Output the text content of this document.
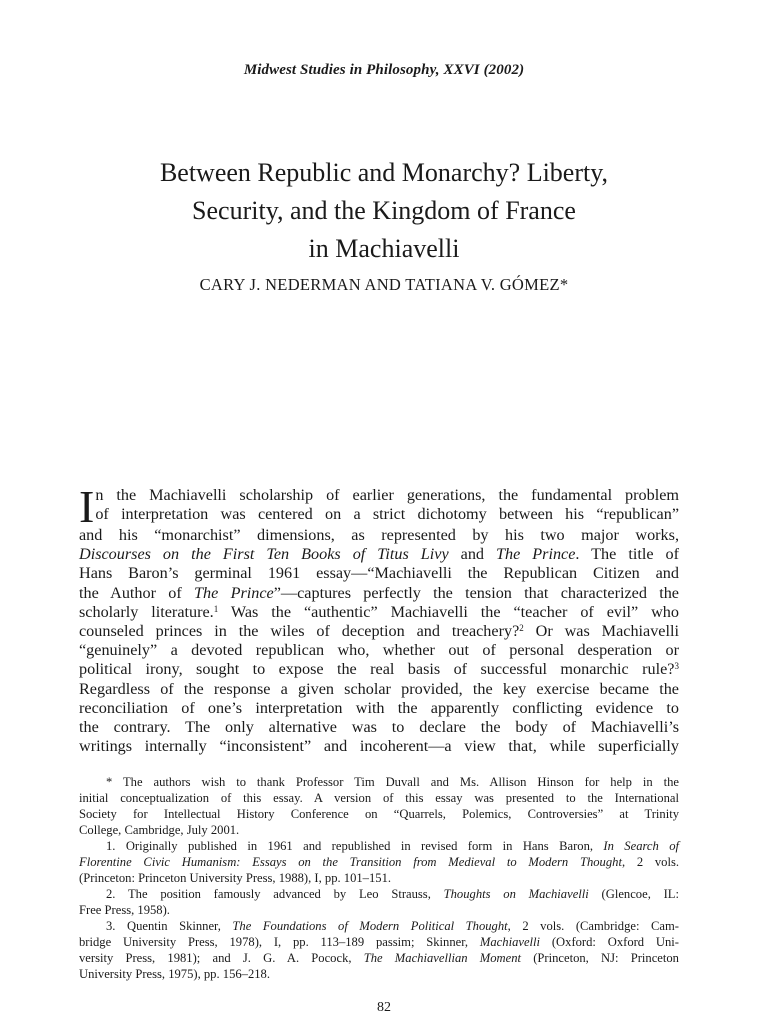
Midwest Studies in Philosophy, XXVI (2002)
Between Republic and Monarchy? Liberty,
Security, and the Kingdom of France
in Machiavelli
CARY J. NEDERMAN AND TATIANA V. GÓMEZ*
I n the Machiavelli scholarship of earlier generations, the fundamental problem
of interpretation was centered on a strict dichotomy between his “republican”
and his “monarchist” dimensions, as represented by his two major works,
Discourses on the First Ten Books of Titus Livy and The Prince. The title of
Hans Baron’s germinal 1961 essay—“Machiavelli the Republican Citizen and
the Author of The Prince”—captures perfectly the tension that characterized the
scholarly literature.$^1$ Was the “authentic” Machiavelli the “teacher of evil” who
counseled princes in the wiles of deception and treachery?$^2$ Or was Machiavelli
“genuinely” a devoted republican who, whether out of personal desperation or
political irony, sought to expose the real basis of successful monarchic rule?$^3$
Regardless of the response a given scholar provided, the key exercise became the
reconciliation of one’s interpretation with the apparently conflicting evidence to
the contrary. The only alternative was to declare the body of Machiavelli’s
writings internally “inconsistent” and incoherent—a view that, while superficially
* The authors wish to thank Professor Tim Duvall and Ms. Allison Hinson for help in the
initial conceptualization of this essay. A version of this essay was presented to the International
Society for Intellectual History Conference on “Quarrels, Polemics, Controversies” at Trinity
College, Cambridge, July 2001.
1. Originally published in 1961 and republished in revised form in Hans Baron, In Search of
Florentine Civic Humanism: Essays on the Transition from Medieval to Modern Thought, 2 vols.
(Princeton: Princeton University Press, 1988), I, pp. 101–151.
2. The position famously advanced by Leo Strauss, Thoughts on Machiavelli (Glencoe, IL:
Free Press, 1958).
3. Quentin Skinner, The Foundations of Modern Political Thought, 2 vols. (Cambridge: Cam-
bridge University Press, 1978), I, pp. 113–189 passim; Skinner, Machiavelli (Oxford: Oxford Uni-
versity Press, 1981); and J. G. A. Pocock, The Machiavellian Moment (Princeton, NJ: Princeton
University Press, 1975), pp. 156–218.
82
